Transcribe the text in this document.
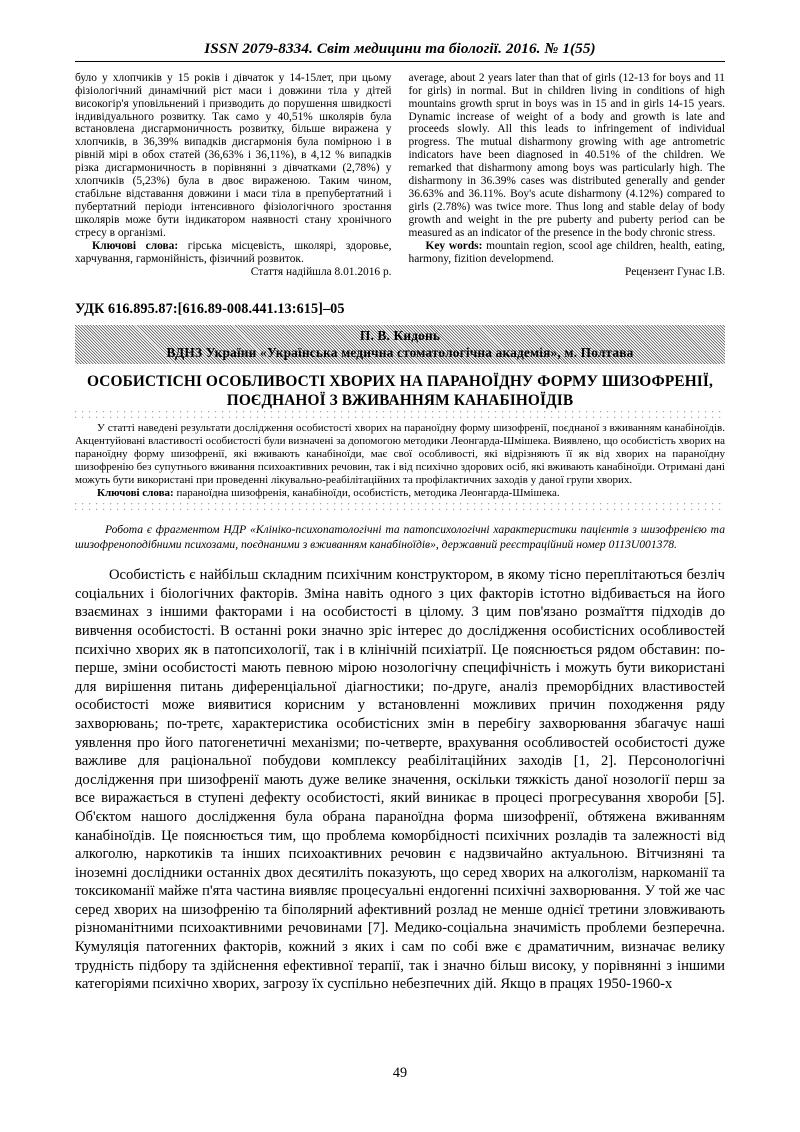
ISSN 2079-8334. Світ медицини та біології. 2016. № 1(55)

було у хлопчиків у 15 років і дівчаток у 14-15лет, при цьому фізіологічний динамічний ріст маси і довжини тіла у дітей високогір'я уповільнений і призводить до порушення швидкості індивідуального розвитку. Так само у 40,51% школярів була встановлена дисгармоничность розвитку, більше виражена у хлопчиків, в 36,39% випадків дисгармонія була помірною і в рівній мірі в обох статей (36,63% і 36,11%), в 4,12 % випадків різка дисгармоничность в порівнянні з дівчатками (2,78%) у хлопчиків (5,23%) була в двоє вираженою. Таким чином, стабільне відставання довжини і маси тіла в препубертатний і пубертатний періоди інтенсивного фізіологічного зростання школярів може бути індикатором наявності стану хронічного стресу в організмі.

Ключові слова: гірська місцевість, школярі, здоровье, харчування, гармонійність, фізичний розвиток.

Стаття надійшла 8.01.2016 р.

average, about 2 years later than that of girls (12-13 for boys and 11 for girls) in normal. But in children living in conditions of high mountains growth sprut in boys was in 15 and in girls 14-15 years. Dynamic increase of weight of a body and growth is late and proceeds slowly. All this leads to infringement of individual progress. The mutual disharmony growing with age antrometric indicators have been diagnosed in 40.51% of the children. We remarked that disharmony among boys was particularly high. The disharmony in 36.39% cases was distributed generally and gender 36.63% and 36.11%. Boy's acute disharmony (4.12%) compared to girls (2.78%) was twice more. Thus long and stable delay of body growth and weight in the pre puberty and puberty period can be measured as an indicator of the presence in the body chronic stress.

Key words: mountain region, scool age children, health, eating, harmony, fizition developmend.

Рецензент Гунас І.В.

УДК 616.895.87:[616.89-008.441.13:615]–05
П. В. Кидонь
ВДНЗ України «Українська медична стоматологічна академія», м. Полтава
ОСОБИСТІСНІ ОСОБЛИВОСТІ ХВОРИХ НА ПАРАНОЇДНУ ФОРМУ ШИЗОФРЕНІЇ,
ПОЄДНАНОЇ З ВЖИВАННЯМ КАНАБІНОЇДІВ

У статті наведені результати дослідження особистості хворих на параноїдну форму шизофренії, поєднаної з вживанням канабіноїдів. Акцентуйовані властивості особистості були визначені за допомогою методики Леонгарда-Шмішека. Виявлено, що особистість хворих на параноїдну форму шизофренії, які вживають канабіноїди, має свої особливості, які відрізняють її як від хворих на параноїдну шизофренію без супутнього вживання психоактивних речовин, так і від психічно здорових осіб, які вживають канабіноїди. Отримані дані можуть бути використані при проведенні лікувально-реабілітаційних та профілактичних заходів у даної групи хворих.

Ключові слова: параноїдна шизофренія, канабіноїди, особистість, методика Леонгарда-Шмішека.

Робота є фрагментом НДР «Клініко-психопатологічні та патопсихологічні характеристики пацієнтів з шизофренією та шизофреноподібними психозами, поєднаними з вживанням канабіноїдів», державний реєстраційний номер 0113U001378.
Особистість є найбільш складним психічним конструктором, в якому тісно переплітаються безліч соціальних і біологічних факторів. Зміна навіть одного з цих факторів істотно відбивається на його взаєминах з іншими факторами і на особистості в цілому. З цим пов'язано розмаїття підходів до вивчення особистості. В останні роки значно зріс інтерес до дослідження особистісних особливостей психічно хворих як в патопсихології, так і в клінічній психіатрії. Це пояснюється рядом обставин: по-перше, зміни особистості мають певною мірою нозологічну специфічність і можуть бути використані для вирішення питань диференціальної діагностики; по-друге, аналіз преморбідних властивостей особистості може виявитися корисним у встановленні можливих причин походження ряду захворювань; по-третє, характеристика особистісних змін в перебігу захворювання збагачує наші уявлення про його патогенетичні механізми; по-четверте, врахування особливостей особистості дуже важливе для раціональної побудови комплексу реабілітаційних заходів [1, 2]. Персонологічні дослідження при шизофренії мають дуже велике значення, оскільки тяжкість даної нозології перш за все виражається в ступені дефекту особистості, який виникає в процесі прогресування хвороби [5]. Об'єктом нашого дослідження була обрана параноїдна форма шизофренії, обтяжена вживанням канабіноїдів. Це пояснюється тим, що проблема коморбідності психічних розладів та залежності від алкоголю, наркотиків та інших психоактивних речовин є надзвичайно актуальною. Вітчизняні та іноземні дослідники останніх двох десятиліть показують, що серед хворих на алкоголізм, наркоманії та токсикоманії майже п'ята частина виявляє процесуальні ендогенні психічні захворювання. У той же час серед хворих на шизофренію та біполярний афективний розлад не менше однієї третини зловживають різноманітними психоактивними речовинами [7]. Медико-соціальна значимість проблеми безперечна. Кумуляція патогенних факторів, кожний з яких і сам по собі вже є драматичним, визначає велику трудність підбору та здійснення ефективної терапії, так і значно більш високу, у порівнянні з іншими категоріями психічно хворих, загрозу їх суспільно небезпечних дій. Якщо в працях 1950-1960-х
49
